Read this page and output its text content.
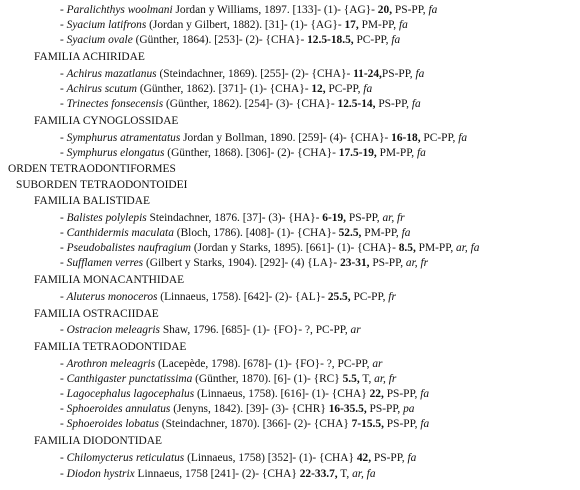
- Paralichthys woolmani Jordan y Williams, 1897. [133]- (1)- {AG}- 20, PS-PP, fa
- Syacium latifrons (Jordan y Gilbert, 1882). [31]- (1)- {AG}- 17, PM-PP, fa
- Syacium ovale (Günther, 1864). [253]- (2)- {CHA}- 12.5-18.5, PC-PP, fa
FAMILIA ACHIRIDAE
- Achirus mazatlanus (Steindachner, 1869). [255]- (2)- {CHA}- 11-24,PS-PP, fa
- Achirus scutum (Günther, 1862). [371]- (1)- {CHA}- 12, PC-PP, fa
- Trinectes fonsecensis (Günther, 1862). [254]- (3)- {CHA}- 12.5-14, PS-PP, fa
FAMILIA CYNOGLOSSIDAE
- Symphurus atramentatus Jordan y Bollman, 1890. [259]- (4)- {CHA}- 16-18, PC-PP, fa
- Symphurus elongatus (Günther, 1868). [306]- (2)- {CHA}- 17.5-19, PM-PP, fa
ORDEN TETRAODONTIFORMES
SUBORDEN TETRAODONTOIDEI
FAMILIA BALISTIDAE
- Balistes polylepis Steindachner, 1876. [37]- (3)- {HA}- 6-19, PS-PP, ar, fr
- Canthidermis maculata (Bloch, 1786). [408]- (1)- {CHA}- 52.5, PM-PP, fa
- Pseudobalistes naufragium (Jordan y Starks, 1895). [661]- (1)- {CHA}- 8.5, PM-PP, ar, fa
- Sufflamen verres (Gilbert y Starks, 1904). [292]- (4) {LA}- 23-31, PS-PP, ar, fr
FAMILIA MONACANTHIDAE
- Aluterus monoceros (Linnaeus, 1758). [642]- (2)- {AL}- 25.5, PC-PP, fr
FAMILIA OSTRACIIDAE
- Ostracion meleagris Shaw, 1796. [685]- (1)- {FO}- ?, PC-PP, ar
FAMILIA TETRAODONTIDAE
- Arothron meleagris (Lacepède, 1798). [678]- (1)- {FO}- ?, PC-PP, ar
- Canthigaster punctatissima (Günther, 1870). [6]- (1)- {RC} 5.5, T, ar, fr
- Lagocephalus lagocephalus (Linnaeus, 1758). [616]- (1)- {CHA} 22, PS-PP, fa
- Sphoeroides annulatus (Jenyns, 1842). [39]- (3)- {CHR} 16-35.5, PS-PP, pa
- Sphoeroides lobatus (Steindachner, 1870). [366]- (2)- {CHA} 7-15.5, PS-PP, fa
FAMILIA DIODONTIDAE
- Chilomycterus reticulatus (Linnaeus, 1758) [352]- (1)- {CHA} 42, PS-PP, fa
- Diodon hystrix Linnaeus, 1758 [241]- (2)- {CHA} 22-33.7, T, ar, fa
